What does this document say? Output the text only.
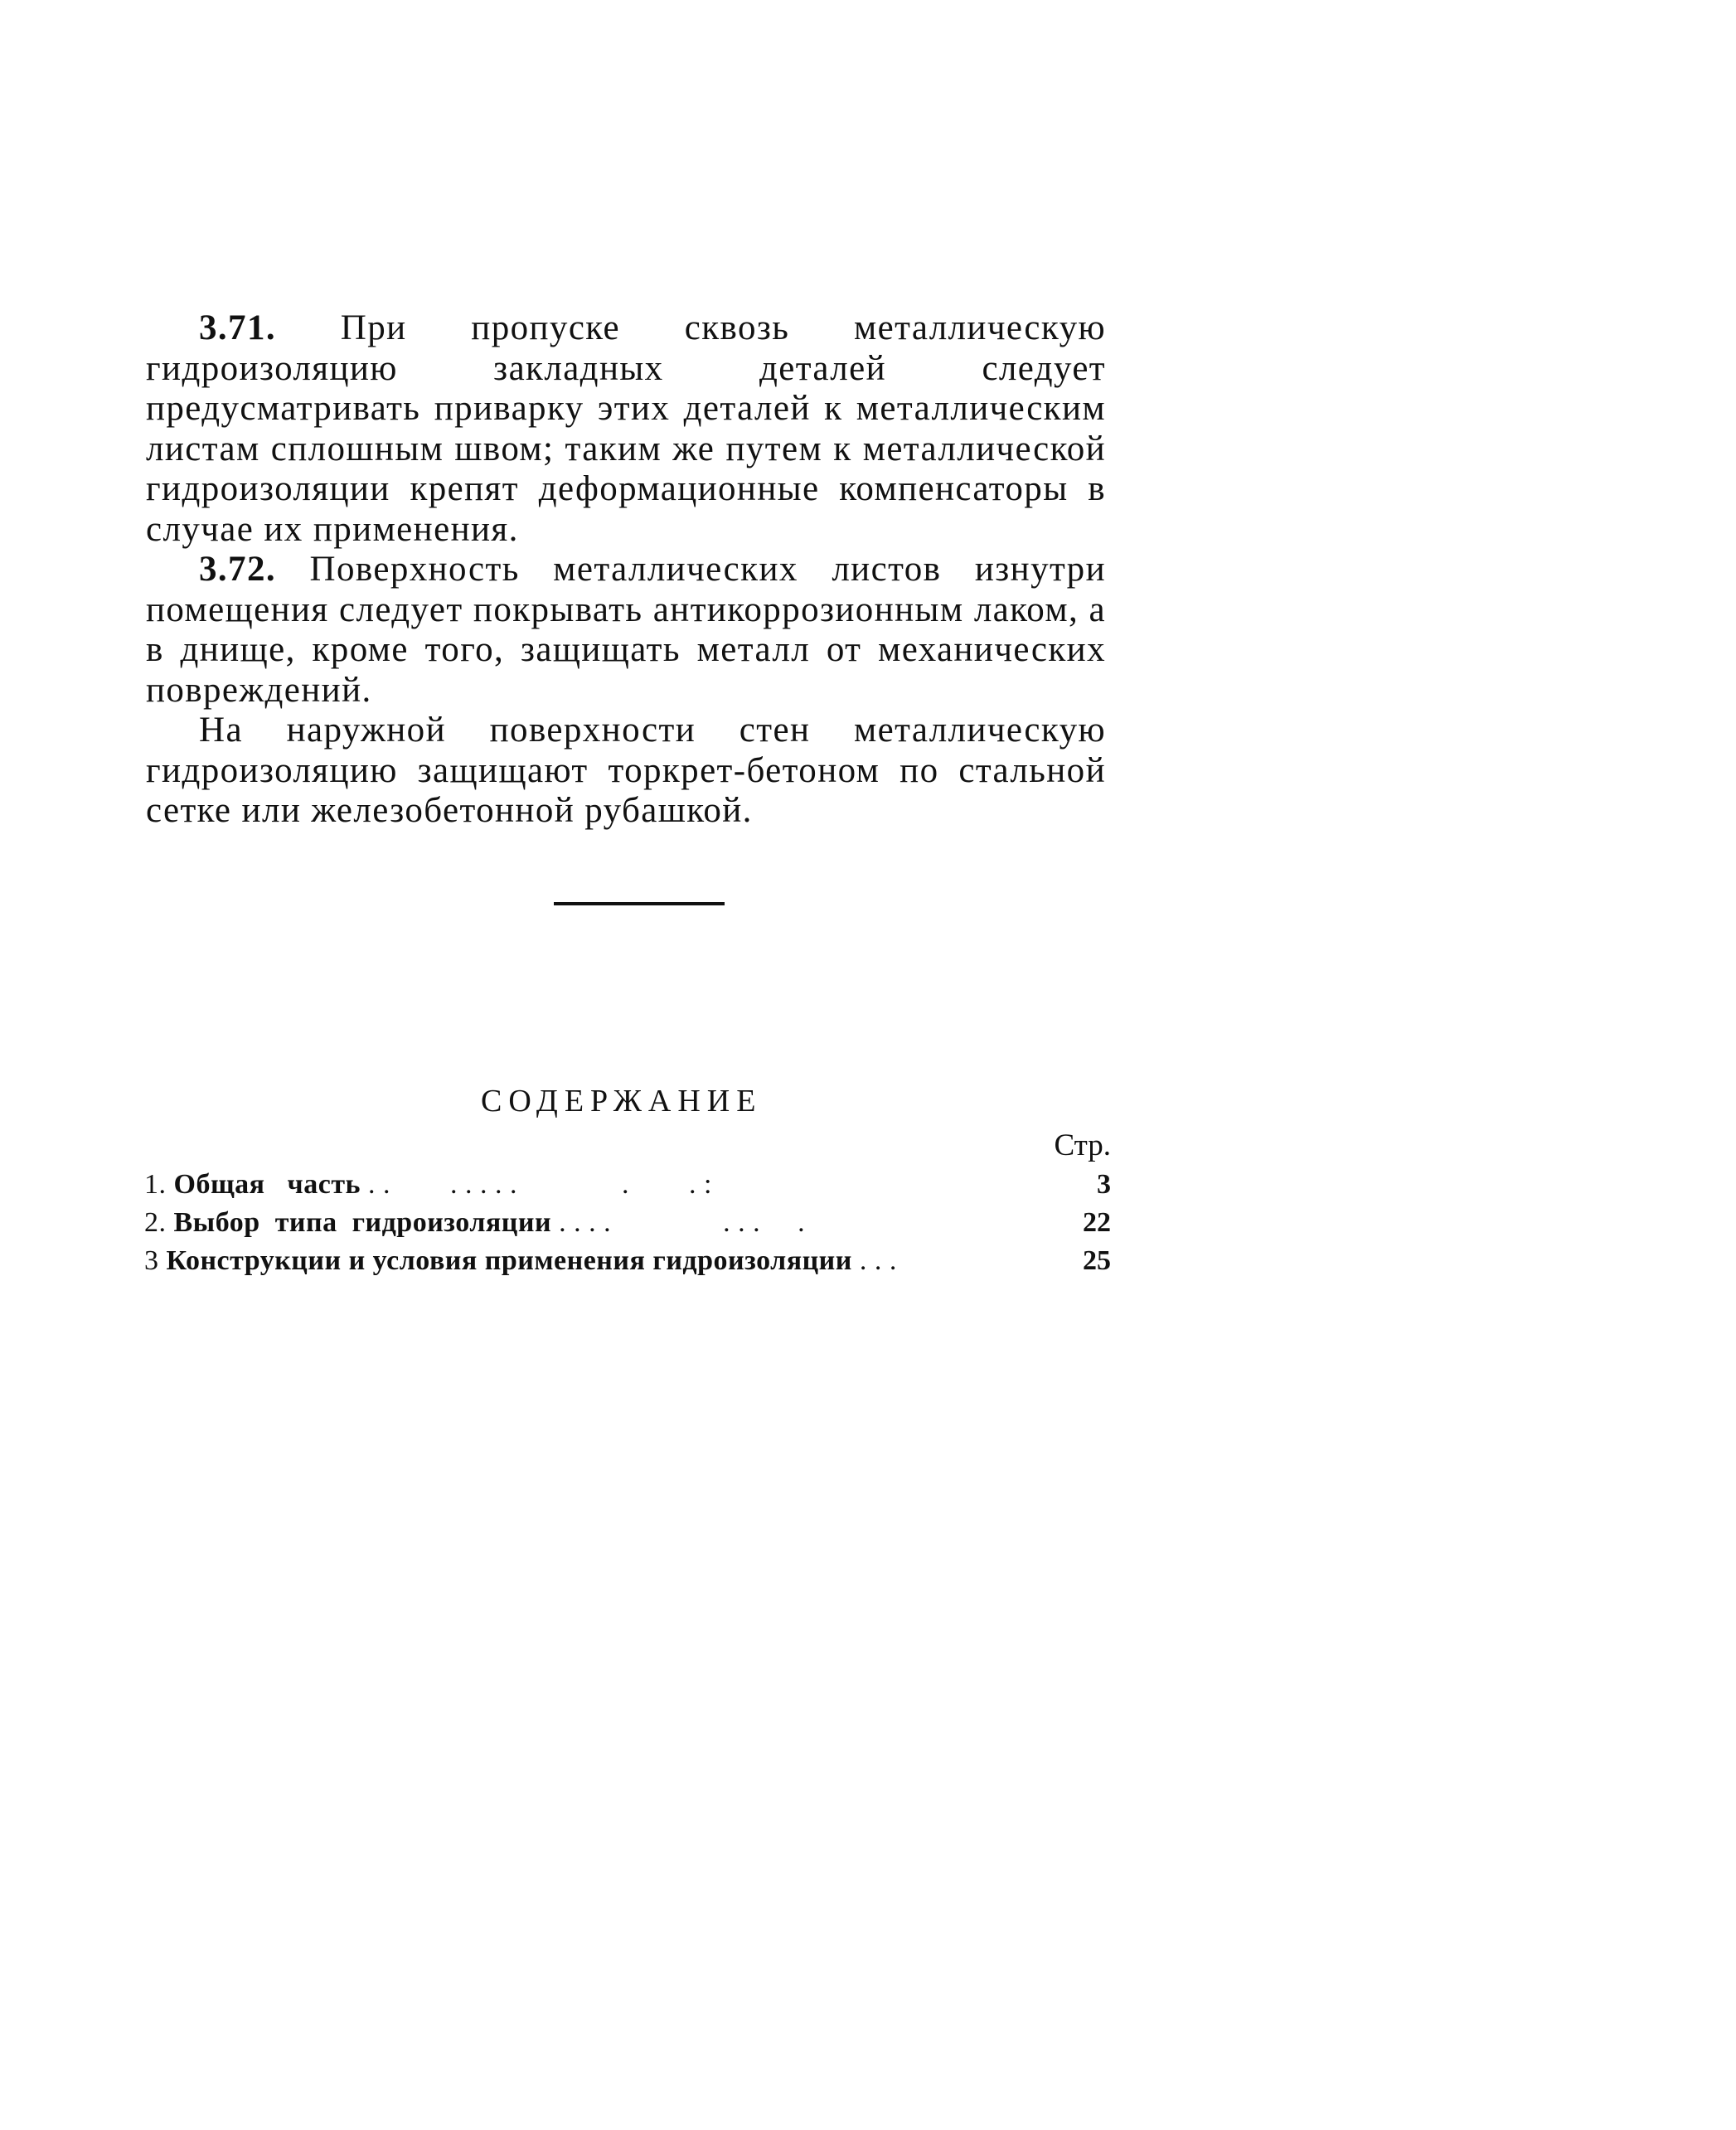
3.71. При пропуске сквозь металлическую гидроизоляцию закладных деталей следует предусматривать приварку этих деталей к металлическим листам сплошным швом; таким же путем к металлической гидроизоляции крепят деформационные компенсаторы в случае их применения.

3.72. Поверхность металлических листов изнутри помещения следует покрывать антикоррозионным лаком, а в днище, кроме того, защищать металл от механических повреждений.

На наружной поверхности стен металлическую гидроизоляцию защищают торкрет-бетоном по стальной сетке или железобетонной рубашкой.

СОДЕРЖАНИЕ
Стр.
1. Общая часть . .        . . . . .              .        . :	3
2. Выбор типа гидроизоляции . . . .               . . .     .	22
3 Конструкции и условия применения гидроизоляции . . .	25
